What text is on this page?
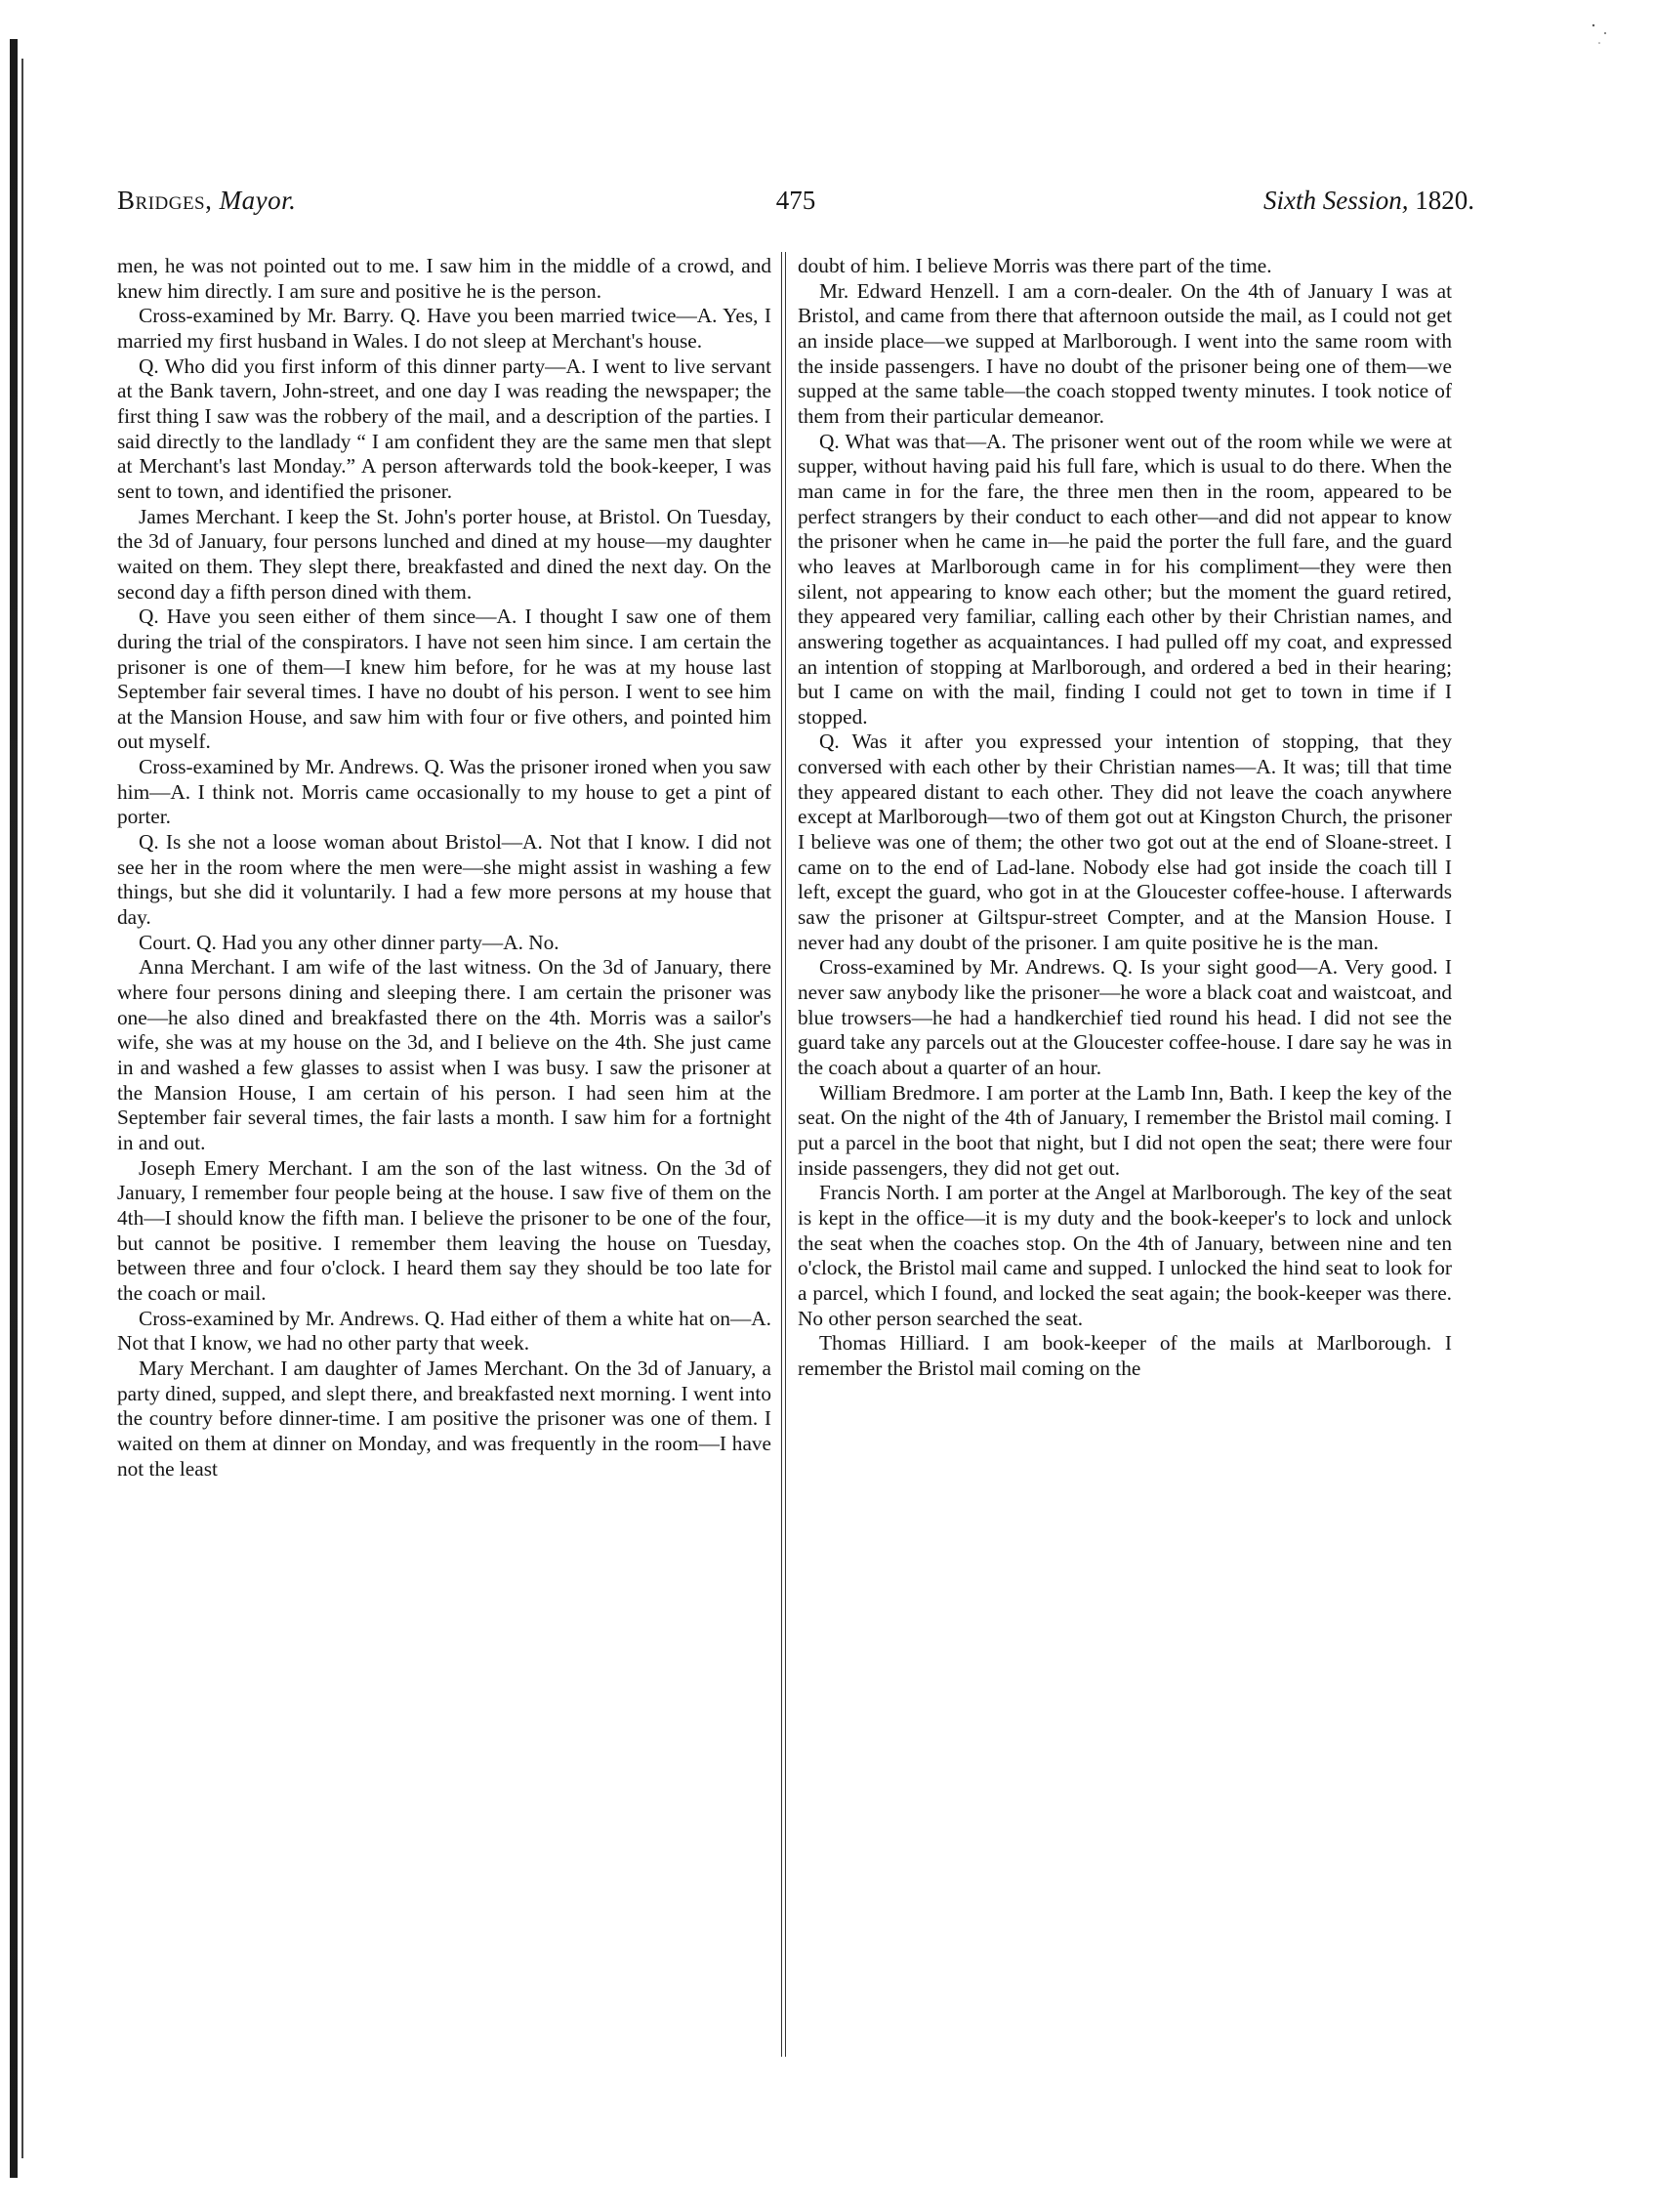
Bridges, Mayor.	475	Sixth Session, 1820.

men, he was not pointed out to me. I saw him in the middle of a crowd, and knew him directly. I am sure and positive he is the person.

Cross-examined by Mr. Barry. Q. Have you been married twice—A. Yes, I married my first husband in Wales. I do not sleep at Merchant's house.

Q. Who did you first inform of this dinner party—A. I went to live servant at the Bank tavern, John-street, and one day I was reading the newspaper; the first thing I saw was the robbery of the mail, and a description of the parties. I said directly to the landlady “ I am confident they are the same men that slept at Merchant's last Monday.” A person afterwards told the book-keeper, I was sent to town, and identified the prisoner.

James Merchant. I keep the St. John's porter house, at Bristol. On Tuesday, the 3d of January, four persons lunched and dined at my house—my daughter waited on them. They slept there, breakfasted and dined the next day. On the second day a fifth person dined with them.

Q. Have you seen either of them since—A. I thought I saw one of them during the trial of the conspirators. I have not seen him since. I am certain the prisoner is one of them—I knew him before, for he was at my house last September fair several times. I have no doubt of his person. I went to see him at the Mansion House, and saw him with four or five others, and pointed him out myself.

Cross-examined by Mr. Andrews. Q. Was the prisoner ironed when you saw him—A. I think not. Morris came occasionally to my house to get a pint of porter.

Q. Is she not a loose woman about Bristol—A. Not that I know. I did not see her in the room where the men were—she might assist in washing a few things, but she did it voluntarily. I had a few more persons at my house that day.

Court. Q. Had you any other dinner party—A. No.

Anna Merchant. I am wife of the last witness. On the 3d of January, there where four persons dining and sleeping there. I am certain the prisoner was one—he also dined and breakfasted there on the 4th. Morris was a sailor's wife, she was at my house on the 3d, and I believe on the 4th. She just came in and washed a few glasses to assist when I was busy. I saw the prisoner at the Mansion House, I am certain of his person. I had seen him at the September fair several times, the fair lasts a month. I saw him for a fortnight in and out.

Joseph Emery Merchant. I am the son of the last witness. On the 3d of January, I remember four people being at the house. I saw five of them on the 4th—I should know the fifth man. I believe the prisoner to be one of the four, but cannot be positive. I remember them leaving the house on Tuesday, between three and four o'clock. I heard them say they should be too late for the coach or mail.

Cross-examined by Mr. Andrews. Q. Had either of them a white hat on—A. Not that I know, we had no other party that week.

Mary Merchant. I am daughter of James Merchant. On the 3d of January, a party dined, supped, and slept there, and breakfasted next morning. I went into the country before dinner-time. I am positive the prisoner was one of them. I waited on them at dinner on Monday, and was frequently in the room—I have not the least

doubt of him. I believe Morris was there part of the time.

Mr. Edward Henzell. I am a corn-dealer. On the 4th of January I was at Bristol, and came from there that afternoon outside the mail, as I could not get an inside place—we supped at Marlborough. I went into the same room with the inside passengers. I have no doubt of the prisoner being one of them—we supped at the same table—the coach stopped twenty minutes. I took notice of them from their particular demeanor.

Q. What was that—A. The prisoner went out of the room while we were at supper, without having paid his full fare, which is usual to do there. When the man came in for the fare, the three men then in the room, appeared to be perfect strangers by their conduct to each other—and did not appear to know the prisoner when he came in—he paid the porter the full fare, and the guard who leaves at Marlborough came in for his compliment—they were then silent, not appearing to know each other; but the moment the guard retired, they appeared very familiar, calling each other by their Christian names, and answering together as acquaintances. I had pulled off my coat, and expressed an intention of stopping at Marlborough, and ordered a bed in their hearing; but I came on with the mail, finding I could not get to town in time if I stopped.

Q. Was it after you expressed your intention of stopping, that they conversed with each other by their Christian names—A. It was; till that time they appeared distant to each other. They did not leave the coach anywhere except at Marlborough—two of them got out at Kingston Church, the prisoner I believe was one of them; the other two got out at the end of Sloane-street. I came on to the end of Lad-lane. Nobody else had got inside the coach till I left, except the guard, who got in at the Gloucester coffee-house. I afterwards saw the prisoner at Giltspur-street Compter, and at the Mansion House. I never had any doubt of the prisoner. I am quite positive he is the man.

Cross-examined by Mr. Andrews. Q. Is your sight good—A. Very good. I never saw anybody like the prisoner—he wore a black coat and waistcoat, and blue trowsers—he had a handkerchief tied round his head. I did not see the guard take any parcels out at the Gloucester coffee-house. I dare say he was in the coach about a quarter of an hour.

William Bredmore. I am porter at the Lamb Inn, Bath. I keep the key of the seat. On the night of the 4th of January, I remember the Bristol mail coming. I put a parcel in the boot that night, but I did not open the seat; there were four inside passengers, they did not get out.

Francis North. I am porter at the Angel at Marlborough. The key of the seat is kept in the office—it is my duty and the book-keeper's to lock and unlock the seat when the coaches stop. On the 4th of January, between nine and ten o'clock, the Bristol mail came and supped. I unlocked the hind seat to look for a parcel, which I found, and locked the seat again; the book-keeper was there. No other person searched the seat.

Thomas Hilliard. I am book-keeper of the mails at Marlborough. I remember the Bristol mail coming on the
